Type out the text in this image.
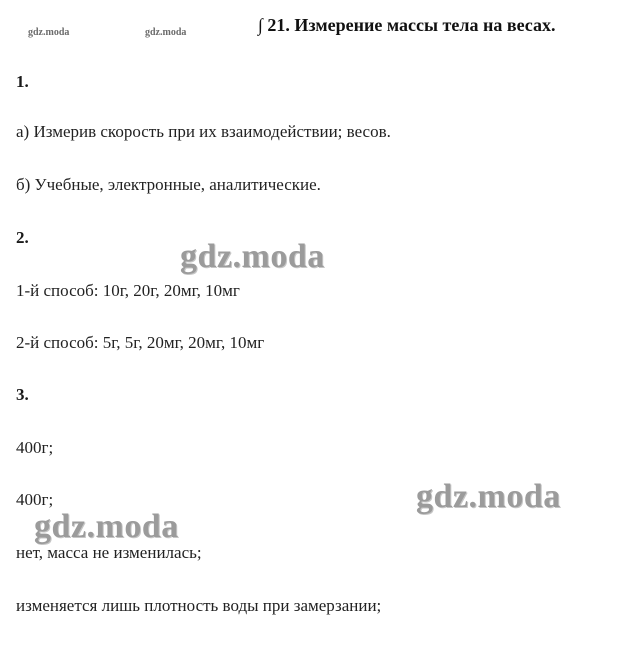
gdz.moda	gdz.moda	∫ 21. Измерение массы тела на весах.
1.
а) Измерив скорость при их взаимодействии; весов.
б) Учебные, электронные, аналитические.
2.
1-й способ: 10г, 20г, 20мг, 10мг
2-й способ: 5г, 5г, 20мг, 20мг, 10мг
3.
400г;
400г;
нет, масса не изменилась;
изменяется лишь плотность воды при замерзании;
gdz.moda
gdz.moda
gdz.moda
